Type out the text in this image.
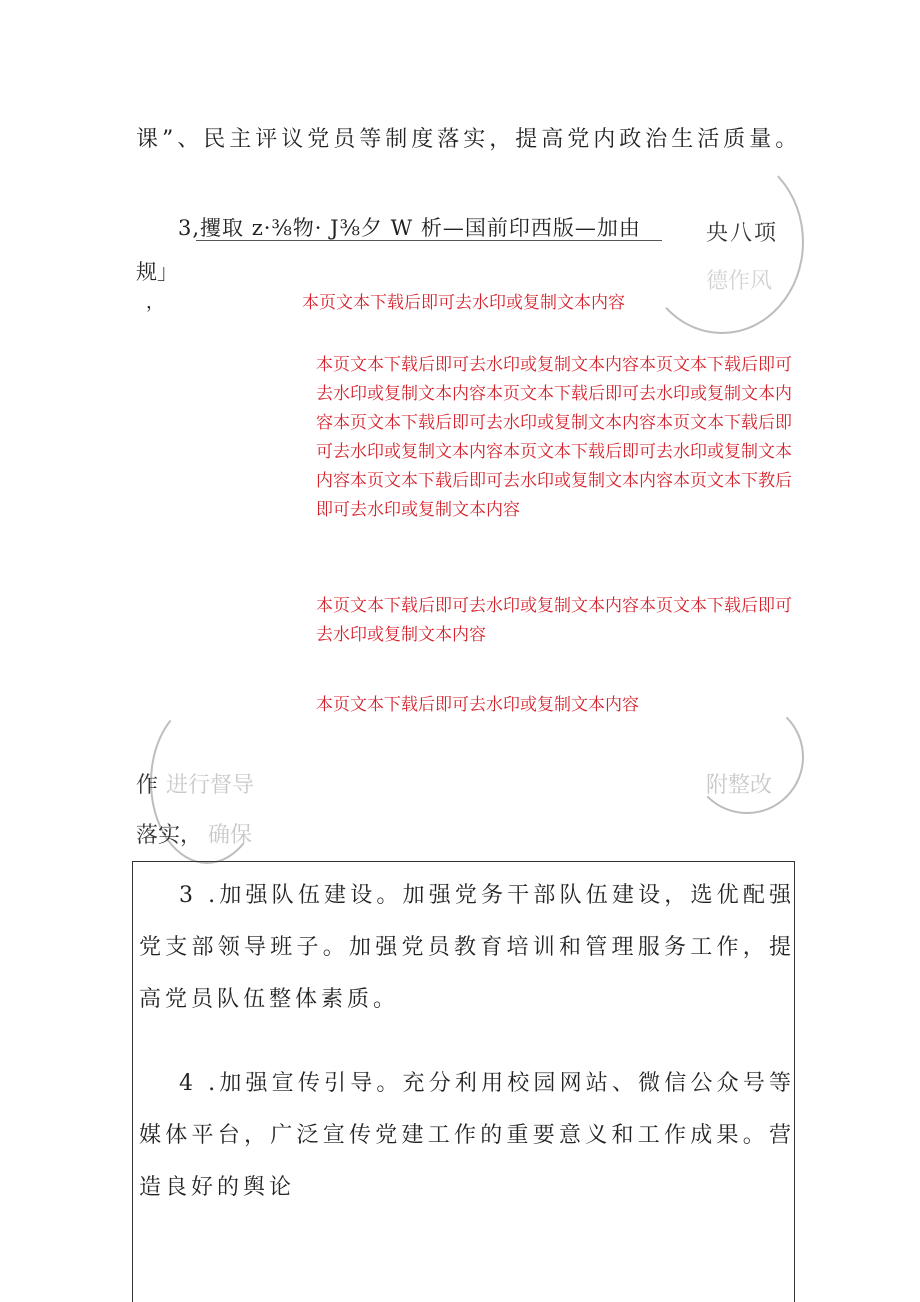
课”、民主评议党员等制度落实，提高党内政治生活质量。
3,攫取 z·⅜物· J⅜夕 W 析—国前印西版—加由
规」
，
央八项
德作风
作 进行督导	附整改
落实， 确保
本页文本下载后即可去水印或复制文本内容
本页文本下载后即可去水印或复制文本内容本页文本下载后即可去水印或复制文本内容本页文本下载后即可去水印或复制文本内容本页文本下载后即可去水印或复制文本内容本页文本下载后即可去水印或复制文本内容本页文本下载后即可去水印或复制文本内容本页文本下载后即可去水印或复制文本内容本页文本下教后即可去水印或复制文本内容
本页文本下载后即可去水印或复制文本内容本页文本下载后即可去水印或复制文本内容
本页文本下载后即可去水印或复制文本内容
3 .加强队伍建设。加强党务干部队伍建设，选优配强党支部领导班子。加强党员教育培训和管理服务工作，提高党员队伍整体素质。
4 .加强宣传引导。充分利用校园网站、微信公众号等媒体平台，广泛宣传党建工作的重要意义和工作成果。营造良好的舆论
